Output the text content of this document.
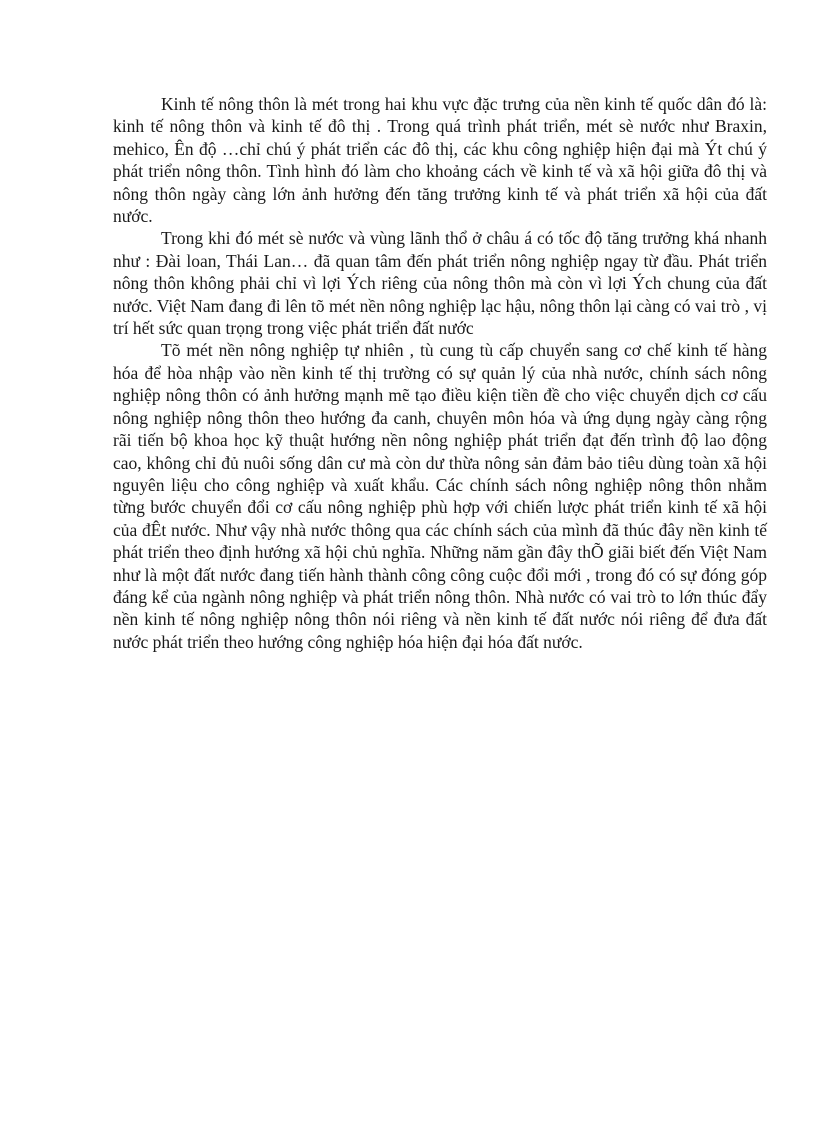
Kinh tế nông thôn là mét trong hai khu vực đặc trưng của nền kinh tế quốc dân đó là: kinh tế nông thôn và kinh tế đô thị . Trong quá trình phát triển, mét sè nước như Braxin, mehico, Ên độ …chỉ chú ý phát triển các đô thị, các khu công nghiệp hiện đại mà Ýt chú ý phát triển nông thôn. Tình hình đó làm cho khoảng cách về kinh tế và xã hội giữa đô thị và nông thôn ngày càng lớn ảnh hưởng đến tăng trưởng kinh tế và phát triển xã hội của đất nước.

Trong khi đó mét sè nước và vùng lãnh thổ ở châu á có tốc độ tăng trưởng khá nhanh như : Đài loan, Thái Lan… đã quan tâm đến phát triển nông nghiệp ngay từ đầu. Phát triển nông thôn không phải chỉ vì lợi Ých riêng của nông thôn mà còn vì lợi Ých chung của đất nước. Việt Nam đang đi lên tõ mét nền nông nghiệp lạc hậu, nông thôn lại càng có vai trò , vị trí hết sức quan trọng trong việc phát triển đất nước

Tõ mét nền nông nghiệp tự nhiên , tù cung tù cấp chuyển sang cơ chế kinh tế hàng hóa để hòa nhập vào nền kinh tế thị trường có sự quản lý của nhà nước, chính sách nông nghiệp nông thôn có ảnh hưởng mạnh mẽ tạo điều kiện tiền đề cho việc chuyển dịch cơ cấu nông nghiệp nông thôn theo hướng đa canh, chuyên môn hóa và ứng dụng ngày càng rộng rãi tiến bộ khoa học kỹ thuật hướng nền nông nghiệp phát triển đạt đến trình độ lao động cao, không chỉ đủ nuôi sống dân cư mà còn dư thừa nông sản đảm bảo tiêu dùng toàn xã hội nguyên liệu cho công nghiệp và xuất khẩu. Các chính sách nông nghiệp nông thôn nhằm từng bước chuyển đổi cơ cấu nông nghiệp phù hợp với chiến lược phát triển kinh tế xã hội của đÊt nước. Như vậy nhà nước thông qua các chính sách của mình đã thúc đây nền kinh tế phát triển theo định hướng xã hội chủ nghĩa. Những năm gần đây thÕ giãi biết đến Việt Nam như là một đất nước đang tiến hành thành công công cuộc đổi mới , trong đó có sự đóng góp đáng kể của ngành nông nghiệp và phát triển nông thôn. Nhà nước có vai trò to lớn thúc đẩy nền kinh tế nông nghiệp nông thôn nói riêng và nền kinh tế đất nước nói riêng để đưa đất nước phát triển theo hướng công nghiệp hóa hiện đại hóa đất nước.
